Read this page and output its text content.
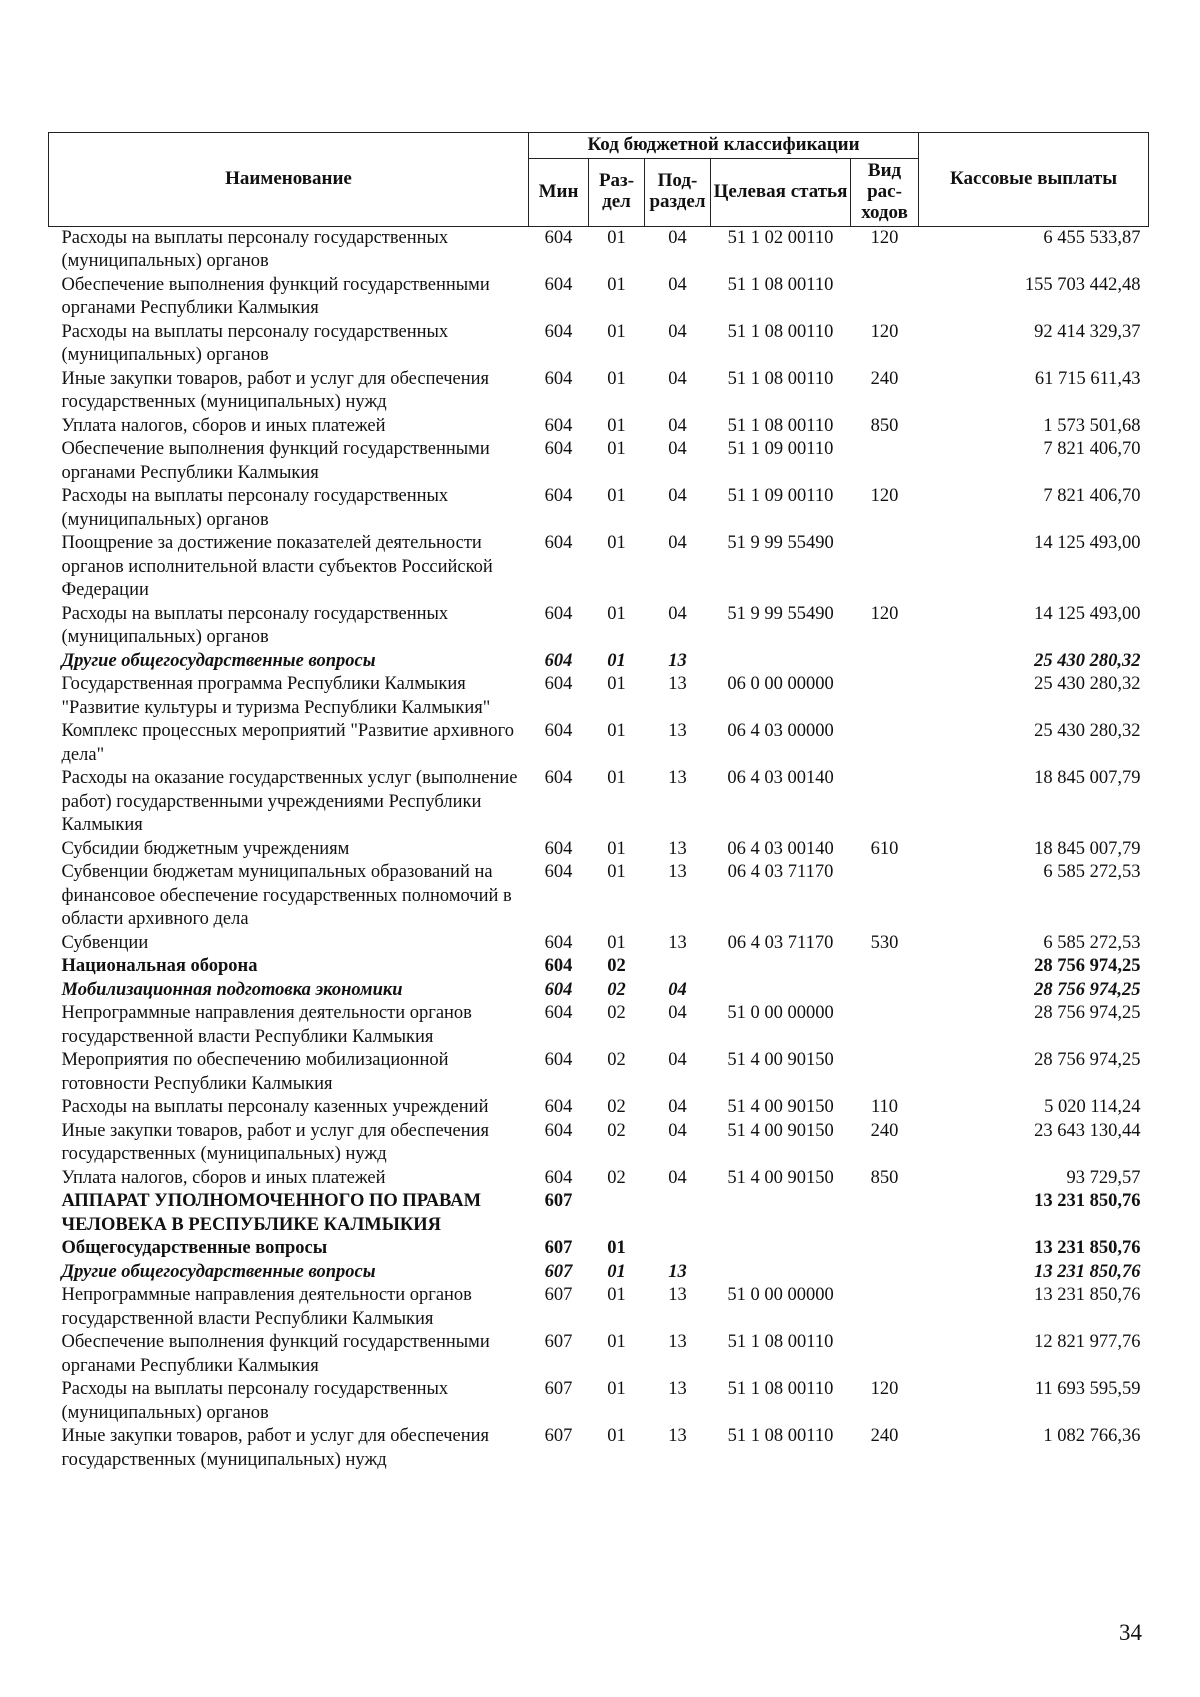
Наименование	Код бюджетной классификации					Кассовые выплаты
	Мин	Раз- дел	Под- раздел	Целевая статья	Вид рас- ходов	
Расходы на выплаты персоналу государственных (муниципальных) органов	604	01	04	51 1 02 00110	120	6 455 533,87
Обеспечение выполнения функций государственными органами Республики Калмыкия	604	01	04	51 1 08 00110		155 703 442,48
Расходы на выплаты персоналу государственных (муниципальных) органов	604	01	04	51 1 08 00110	120	92 414 329,37
Иные закупки товаров, работ и услуг для обеспечения государственных (муниципальных) нужд	604	01	04	51 1 08 00110	240	61 715 611,43
Уплата налогов, сборов и иных платежей	604	01	04	51 1 08 00110	850	1 573 501,68
Обеспечение выполнения функций государственными органами Республики Калмыкия	604	01	04	51 1 09 00110		7 821 406,70
Расходы на выплаты персоналу государственных (муниципальных) органов	604	01	04	51 1 09 00110	120	7 821 406,70
Поощрение за достижение показателей деятельности органов исполнительной власти субъектов Российской Федерации	604	01	04	51 9 99 55490		14 125 493,00
Расходы на выплаты персоналу государственных (муниципальных) органов	604	01	04	51 9 99 55490	120	14 125 493,00
Другие общегосударственные вопросы	604	01	13			25 430 280,32
Государственная программа Республики Калмыкия "Развитие культуры и туризма Республики Калмыкия"	604	01	13	06 0 00 00000		25 430 280,32
Комплекс процессных мероприятий "Развитие архивного дела"	604	01	13	06 4 03 00000		25 430 280,32
Расходы на оказание государственных услуг (выполнение работ) государственными учреждениями Республики Калмыкия	604	01	13	06 4 03 00140		18 845 007,79
Субсидии бюджетным учреждениям	604	01	13	06 4 03 00140	610	18 845 007,79
Субвенции бюджетам муниципальных образований на финансовое обеспечение государственных полномочий в области архивного дела	604	01	13	06 4 03 71170		6 585 272,53
Субвенции	604	01	13	06 4 03 71170	530	6 585 272,53
Национальная оборона	604	02				28 756 974,25
Мобилизационная подготовка экономики	604	02	04			28 756 974,25
Непрограммные направления деятельности органов государственной власти Республики Калмыкия	604	02	04	51 0 00 00000		28 756 974,25
Мероприятия по обеспечению мобилизационной готовности Республики Калмыкия	604	02	04	51 4 00 90150		28 756 974,25
Расходы на выплаты персоналу казенных учреждений	604	02	04	51 4 00 90150	110	5 020 114,24
Иные закупки товаров, работ и услуг для обеспечения государственных (муниципальных) нужд	604	02	04	51 4 00 90150	240	23 643 130,44
Уплата налогов, сборов и иных платежей	604	02	04	51 4 00 90150	850	93 729,57
АППАРАТ УПОЛНОМОЧЕННОГО ПО ПРАВАМ ЧЕЛОВЕКА В РЕСПУБЛИКЕ КАЛМЫКИЯ	607					13 231 850,76
Общегосударственные вопросы	607	01				13 231 850,76
Другие общегосударственные вопросы	607	01	13			13 231 850,76
Непрограммные направления деятельности органов государственной власти Республики Калмыкия	607	01	13	51 0 00 00000		13 231 850,76
Обеспечение выполнения функций государственными органами Республики Калмыкия	607	01	13	51 1 08 00110		12 821 977,76
Расходы на выплаты персоналу государственных (муниципальных) органов	607	01	13	51 1 08 00110	120	11 693 595,59
Иные закупки товаров, работ и услуг для обеспечения государственных (муниципальных) нужд	607	01	13	51 1 08 00110	240	1 082 766,36
34
